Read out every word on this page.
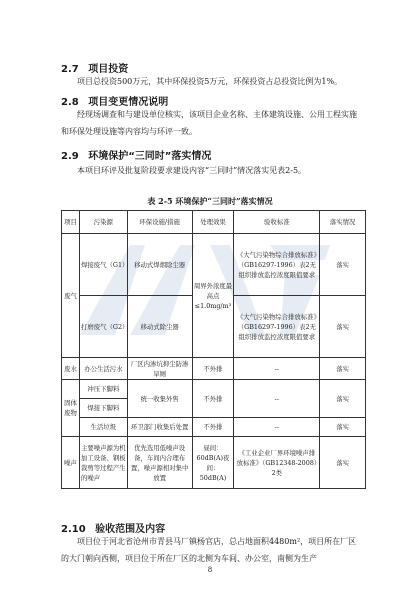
2.7 项目投资
项目总投资500万元，其中环保投资5万元，环保投资占总投资比例为1%。
2.8 项目变更情况说明
经现场调查和与建设单位核实，该项目企业名称、主体建筑设施、公用工程实施和环保处理设施等内容均与环评一致。
2.9 环境保护“三同时”落实情况
本项目环评及批复阶段要求建设内容“三同时”情况落实见表2-5。
表 2-5 环境保护“三同时”落实情况
项目	污染源	环保设施/措施	处理效果	验收标准	落实情况
废气	焊接废气（G1）	移动式焊烟除尘器	周界外浓度最高点≤1.0mg/m³	《大气污染物综合排放标准》（GB16297-1996）表2无组织排放监控浓度限值要求	落实
	打磨废气（G2）	移动式除尘器		《大气污染物综合排放标准》（GB16297-1996）表2无组织排放监控浓度限值要求	落实
废水	办公生活污水	厂区内渗坑抑尘防渗旱厕	不外排	--	落实
固体废物	冲压下脚料	统一收集外售	不外排	--	落实
	焊接下脚料				
	生活垃圾	环卫部门收集后处置	不外排	--	落实
噪声	主要噪声源为机加工设备、钢板裁剪等过程产生的噪声	优先选用低噪声设备，车间内合理布置，噪声源相对集中放置	昼间：60dB(A)夜间：50dB(A)	《工业企业厂界环境噪声排放标准》（GB12348-2008）2类	落实
2.10 验收范围及内容
项目位于河北省沧州市青县马厂镇杨官店，总占地面积4480m²，项目所在厂区的大门朝向西侧，项目位于所在厂区的北侧为车间、办公室，南侧为生产
8
